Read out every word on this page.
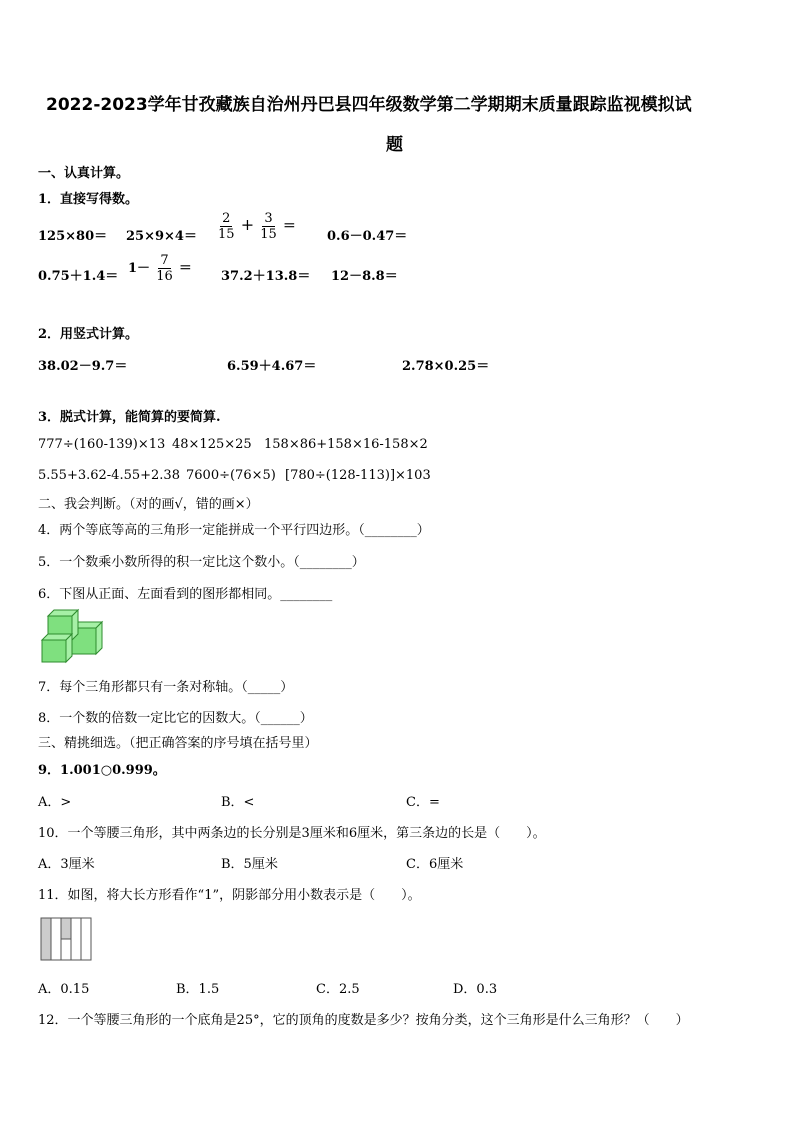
2022-2023学年甘孜藏族自治州丹巴县四年级数学第二学期期末质量跟踪监视模拟试
题
一、认真计算。
1．直接写得数。
$125\times 80= 25\times 9\times 4= \frac{2}{15} + \frac{3}{15}$ ＝
0.6－0.47＝
0.75＋1.4＝
$1- \frac{7}{16}$ ＝
37.2＋13.8＝ 12－8.8＝
2．用竖式计算。
38.02－9.7＝	6.59＋4.67＝	2.78×0.25＝
3．脱式计算，能简算的要简算.
777÷(160-139)×13 48×125×25 158×86+158×16-158×2
5.55+3.62-4.55+2.38 7600÷(76×5) [780÷(128-113)]×103
二、我会判断。（对的画√，错的画×）
4．两个等底等高的三角形一定能拼成一个平行四边形。（________）
5．一个数乘小数所得的积一定比这个数小。（________）
6．下图从正面、左面看到的图形都相同。________
7．每个三角形都只有一条对称轴。（_____）
8．一个数的倍数一定比它的因数大。（______）
三、精挑细选。（把正确答案的序号填在括号里）
9．1.001○0.999。
A．>	B．<	C．=
10．一个等腰三角形，其中两条边的长分别是3厘米和6厘米，第三条边的长是（　　）。
A．3厘米	B．5厘米	C．6厘米
11．如图，将大长方形看作“1”，阴影部分用小数表示是（　　）。
A．0.15	B．1.5	C．2.5	D．0.3
12．一个等腰三角形的一个底角是25°，它的顶角的度数是多少？按角分类，这个三角形是什么三角形？（　　）
